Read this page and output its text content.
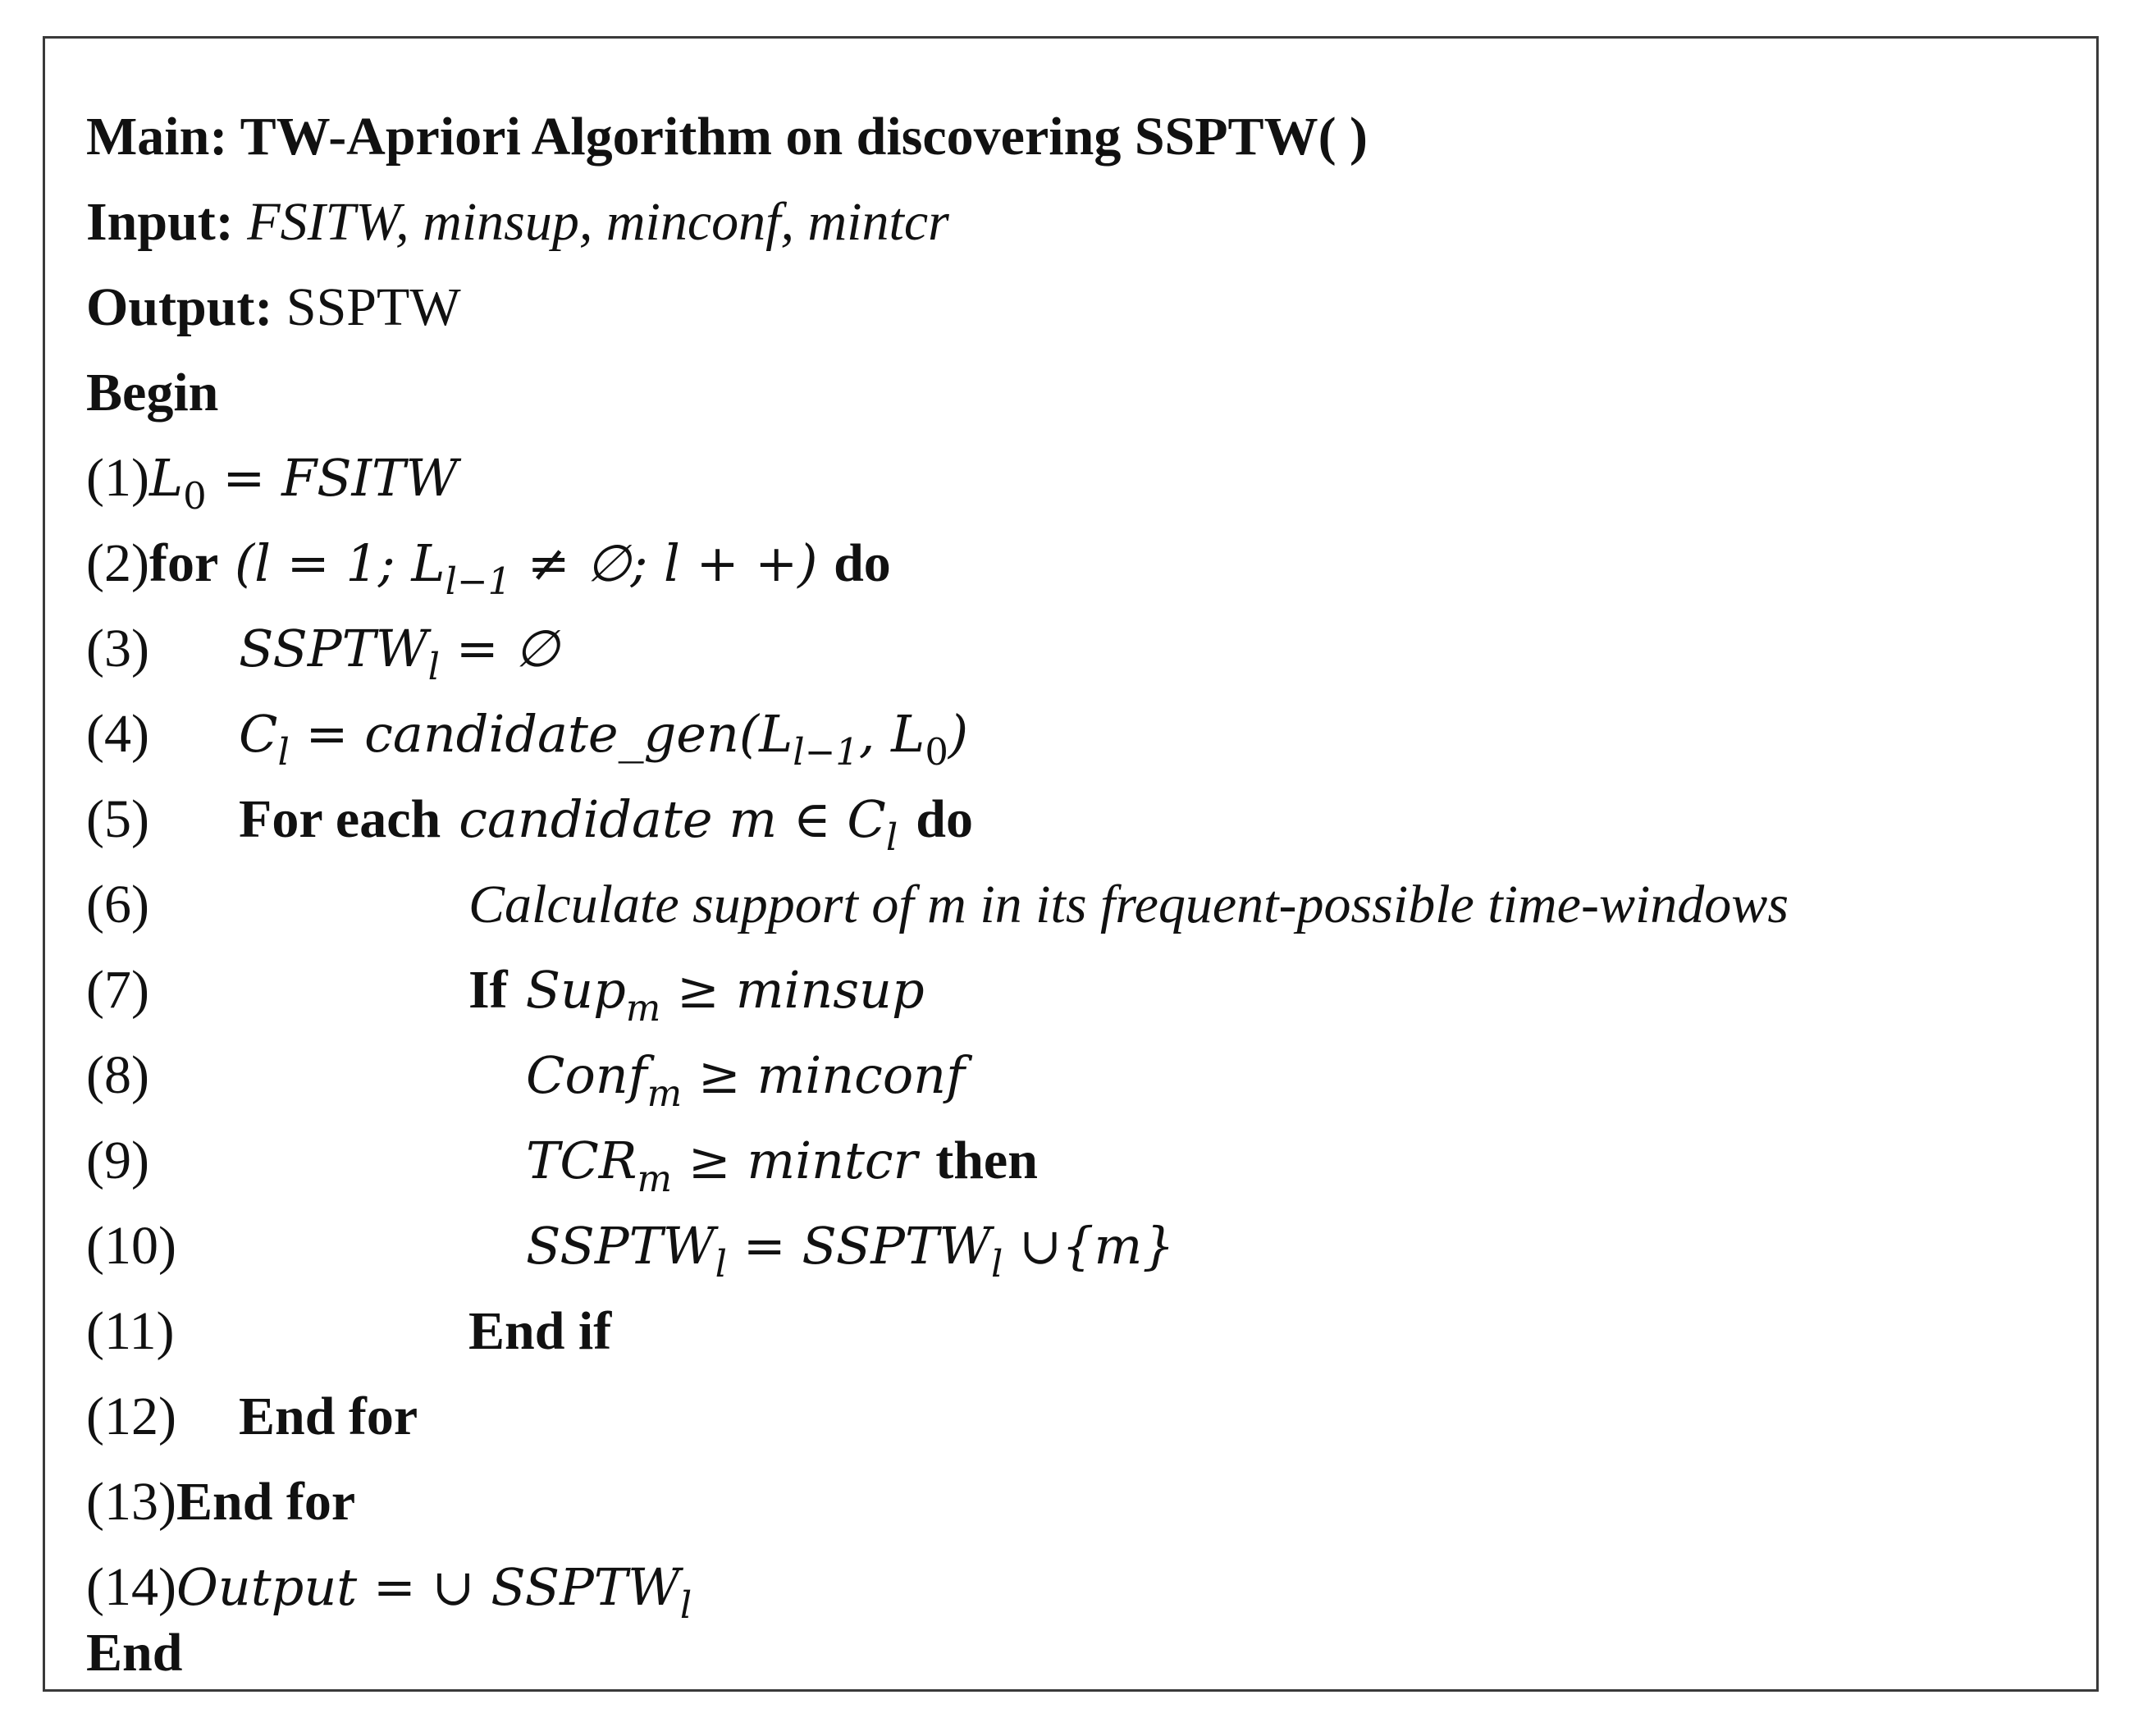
Main: TW-Apriori Algorithm on discovering SSPTW( )
Input: FSITW, minsup, minconf, mintcr
Output: SSPTW
Begin
$(1)L_0$ = FSITW
(2)for (l = 1; $L_{l-1}$ ≠ ∅; l + +) do
(3) $SSPTW_l$ = ∅
(4) $C_l$ = $candidate\_gen(L_{l-1}$, $L_0$)
(5) For each candidate m ∈ $C_l$ do
(6)	Calculate support of m in its frequent-possible time-windows
(7)	If Sup$_m$ ≥ minsup
(8)	Conf$_m$ ≥ minconf
(9)	$TCR_m$ ≥ mintcr then
(10)	$SSPTW_l$ = $SSPTW_l$ ∪{m}
(11)	End if
(12) End for
(13)End for
(14)Output = ∪ $SSPTW_l$
End
